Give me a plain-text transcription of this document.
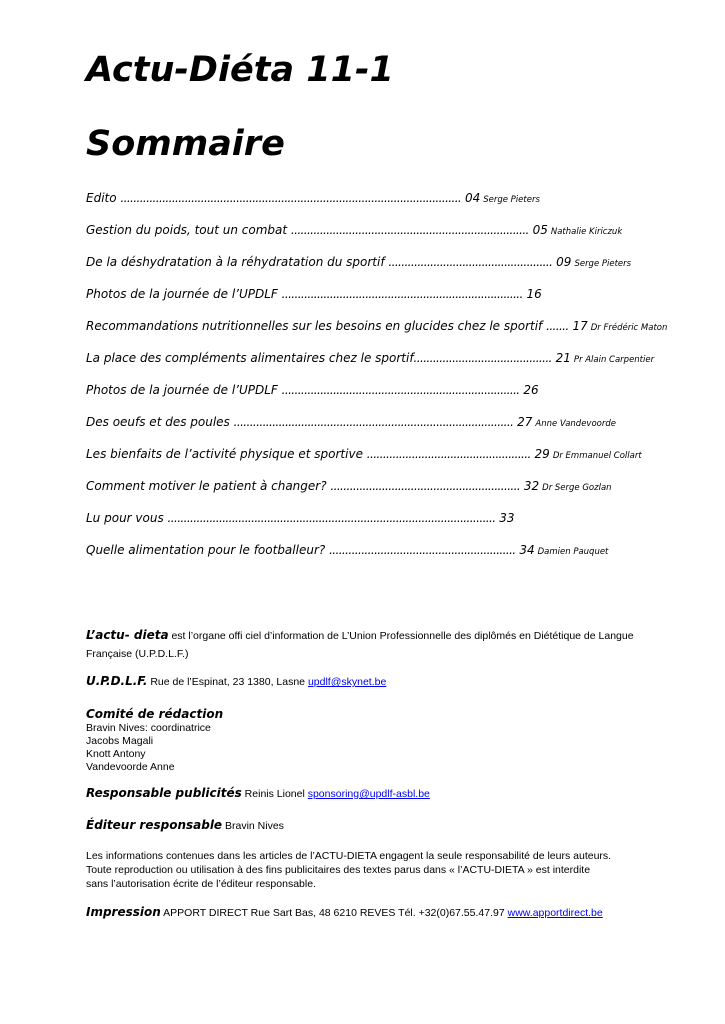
Actu-Diéta 11-1
Sommaire
Edito .......................................................................................................... 04 Serge Pieters
Gestion du poids, tout un combat .......................................................................... 05 Nathalie Kiriczuk
De la déshydratation à la réhydratation du sportif ................................................... 09 Serge Pieters
Photos de la journée de l’UPDLF ........................................................................... 16
Recommandations nutritionnelles sur les besoins en glucides chez le sportif ....... 17 Dr Frédéric Maton
La place des compléments alimentaires chez le sportif........................................... 21 Pr Alain Carpentier
Photos de la journée de l’UPDLF .......................................................................... 26
Des oeufs et des poules ....................................................................................... 27 Anne Vandevoorde
Les bienfaits de l’activité physique et sportive ................................................... 29 Dr Emmanuel Collart
Comment motiver le patient à changer? ........................................................... 32 Dr Serge Gozlan
Lu pour vous ...................................................................................................... 33
Quelle alimentation pour le footballeur? .......................................................... 34 Damien Pauquet
L’actu- dieta est l’organe offi ciel d’information de L’Union Professionnelle des diplômés en Diététique de Langue Française (U.P.D.L.F.)
U.P.D.L.F. Rue de l’Espinat, 23 1380, Lasne updlf@skynet.be
Comité de rédaction
Bravin Nives: coordinatrice
Jacobs Magali
Knott Antony
Vandevoorde Anne
Responsable publicités Reinis Lionel sponsoring@updlf-asbl.be
Éditeur responsable Bravin Nives

Les informations contenues dans les articles de l’ACTU-DIETA engagent la seule responsabilité de leurs auteurs.

Toute reproduction ou utilisation à des fins publicitaires des textes parus dans « l’ACTU-DIETA » est interdite

sans l’autorisation écrite de l’éditeur responsable.

Impression APPORT DIRECT Rue Sart Bas, 48 6210 REVES Tél. +32(0)67.55.47.97 www.apportdirect.be
